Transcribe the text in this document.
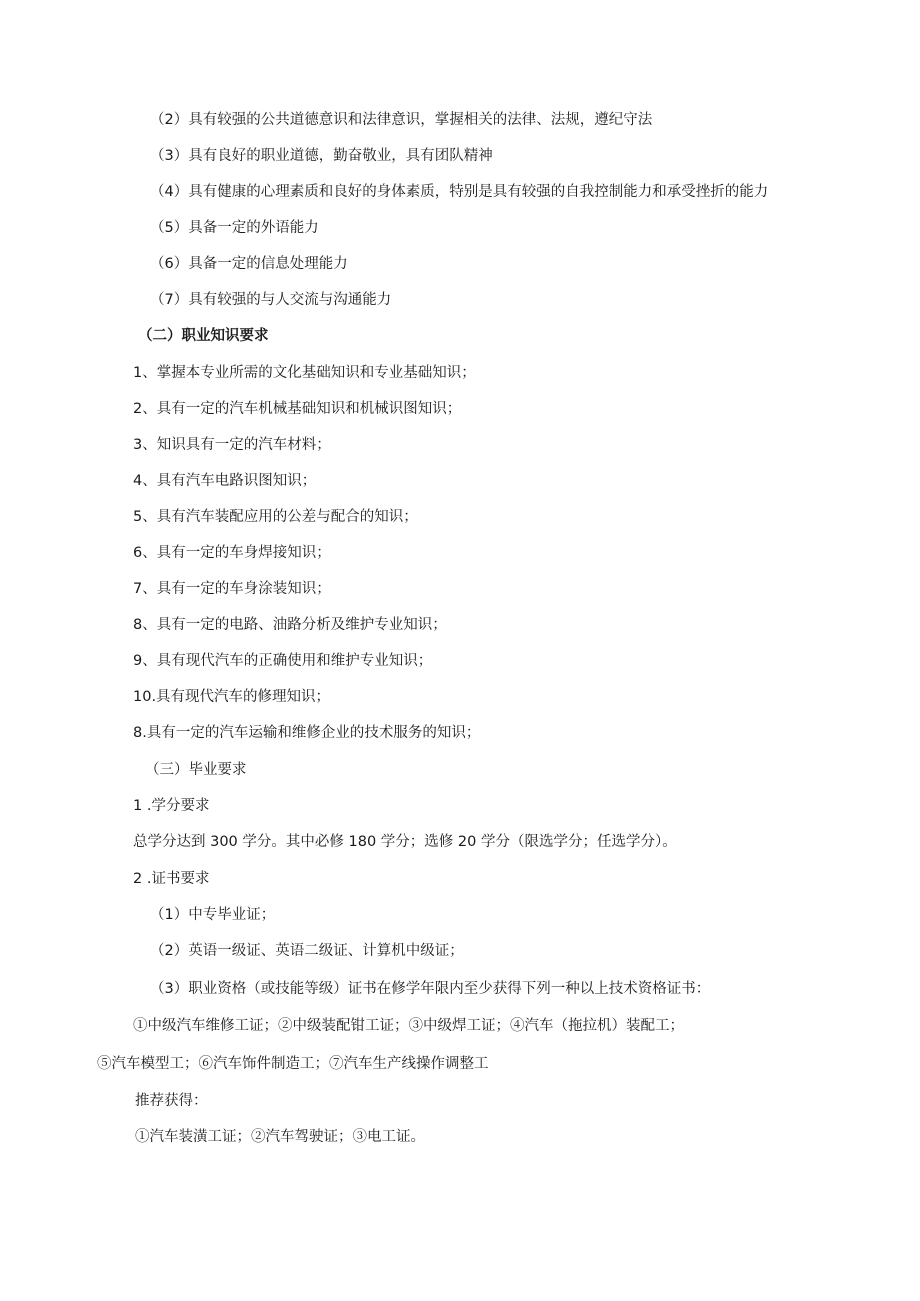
（2）具有较强的公共道德意识和法律意识，掌握相关的法律、法规，遵纪守法
（3）具有良好的职业道德，勤奋敬业，具有团队精神
（4）具有健康的心理素质和良好的身体素质，特别是具有较强的自我控制能力和承受挫折的能力
（5）具备一定的外语能力
（6）具备一定的信息处理能力
（7）具有较强的与人交流与沟通能力
（二）职业知识要求
1、掌握本专业所需的文化基础知识和专业基础知识；
2、具有一定的汽车机械基础知识和机械识图知识；
3、知识具有一定的汽车材料；
4、具有汽车电路识图知识；
5、具有汽车装配应用的公差与配合的知识；
6、具有一定的车身焊接知识；
7、具有一定的车身涂装知识；
8、具有一定的电路、油路分析及维护专业知识；
9、具有现代汽车的正确使用和维护专业知识；
10.具有现代汽车的修理知识；
8.具有一定的汽车运输和维修企业的技术服务的知识；
（三）毕业要求
1 .学分要求
总学分达到 300 学分。其中必修 180 学分；选修 20 学分（限选学分；任选学分）。
2 .证书要求
（1）中专毕业证；
（2）英语一级证、英语二级证、计算机中级证；
（3）职业资格（或技能等级）证书在修学年限内至少获得下列一种以上技术资格证书：
①中级汽车维修工证；②中级装配钳工证；③中级焊工证；④汽车（拖拉机）装配工；
⑤汽车模型工；⑥汽车饰件制造工；⑦汽车生产线操作调整工
推荐获得：
①汽车装潢工证；②汽车驾驶证；③电工证。
